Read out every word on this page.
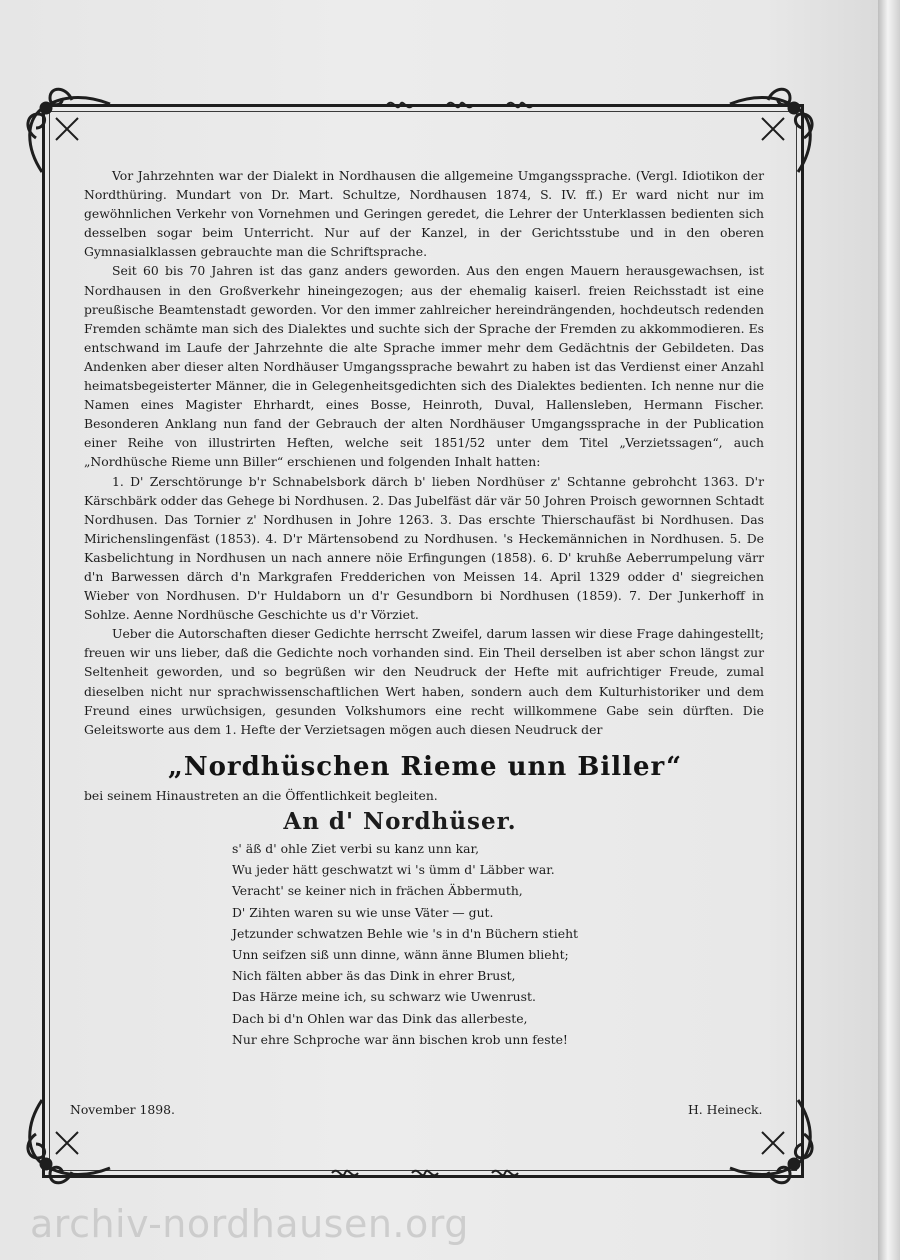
Vor Jahrzehnten war der Dialekt in Nordhausen die allgemeine Umgangssprache. (Vergl. Idiotikon der Nordthüring. Mundart von Dr. Mart. Schultze, Nordhausen 1874, S. IV. ff.) Er ward nicht nur im gewöhnlichen Verkehr von Vornehmen und Geringen geredet, die Lehrer der Unterklassen bedienten sich desselben sogar beim Unterricht. Nur auf der Kanzel, in der Gerichtsstube und in den oberen Gymnasialklassen gebrauchte man die Schriftsprache.

Seit 60 bis 70 Jahren ist das ganz anders geworden. Aus den engen Mauern herausgewachsen, ist Nordhausen in den Großverkehr hineingezogen; aus der ehemalig kaiserl. freien Reichsstadt ist eine preußische Beamtenstadt geworden. Vor den immer zahlreicher hereindrängenden, hochdeutsch redenden Fremden schämte man sich des Dialektes und suchte sich der Sprache der Fremden zu akkommodieren. Es entschwand im Laufe der Jahrzehnte die alte Sprache immer mehr dem Gedächtnis der Gebildeten. Das Andenken aber dieser alten Nordhäuser Umgangssprache bewahrt zu haben ist das Verdienst einer Anzahl heimatsbegeisterter Männer, die in Gelegenheitsgedichten sich des Dialektes bedienten. Ich nenne nur die Namen eines Magister Ehrhardt, eines Bosse, Heinroth, Duval, Hallensleben, Hermann Fischer. Besonderen Anklang nun fand der Gebrauch der alten Nordhäuser Umgangssprache in der Publication einer Reihe von illustrirten Heften, welche seit 1851/52 unter dem Titel „Verzietssagen“, auch „Nordhüsche Rieme unn Biller“ erschienen und folgenden Inhalt hatten:

1. D' Zerschtörunge b'r Schnabelsbork därch b' lieben Nordhüser z' Schtanne gebrohcht 1363. D'r Kärschbärk odder das Gehege bi Nordhusen. 2. Das Jubelfäst där vär 50 Johren Proisch gewornnen Schtadt Nordhusen. Das Tornier z' Nordhusen in Johre 1263. 3. Das erschte Thierschaufäst bi Nordhusen. Das Mirichenslingenfäst (1853). 4. D'r Märtensobend zu Nordhusen. 's Heckemännichen in Nordhusen. 5. De Kasbelichtung in Nordhusen un nach annere nöie Erfingungen (1858). 6. D' kruhße Aeberrumpelung värr d'n Barwessen därch d'n Markgrafen Fredderichen von Meissen 14. April 1329 odder d' siegreichen Wieber von Nordhusen. D'r Huldaborn un d'r Gesundborn bi Nordhusen (1859). 7. Der Junkerhoff in Sohlze. Aenne Nordhüsche Geschichte us d'r Vörziet.

Ueber die Autorschaften dieser Gedichte herrscht Zweifel, darum lassen wir diese Frage dahingestellt; freuen wir uns lieber, daß die Gedichte noch vorhanden sind. Ein Theil derselben ist aber schon längst zur Seltenheit geworden, und so begrüßen wir den Neudruck der Hefte mit aufrichtiger Freude, zumal dieselben nicht nur sprachwissenschaftlichen Wert haben, sondern auch dem Kulturhistoriker und dem Freund eines urwüchsigen, gesunden Volkshumors eine recht willkommene Gabe sein dürften. Die Geleitsworte aus dem 1. Hefte der Verzietsagen mögen auch diesen Neudruck der

„Nordhüschen Rieme unn Biller“
bei seinem Hinaustreten an die Öffentlichkeit begleiten.
An d' Nordhüser.
s' äß d' ohle Ziet verbi su kanz unn kar,
Wu jeder hätt geschwatzt wi 's ümm d' Läbber war.
Veracht' se keiner nich in frächen Äbbermuth,
D' Zihten waren su wie unse Väter — gut.
Jetzunder schwatzen Behle wie 's in d'n Büchern stieht
Unn seifzen siß unn dinne, wänn änne Blumen blieht;
Nich fälten abber äs das Dink in ehrer Brust,
Das Härze meine ich, su schwarz wie Uwenrust.
Dach bi d'n Ohlen war das Dink das allerbeste,
Nur ehre Schproche war änn bischen krob unn feste!
November 1898.	H. Heineck.
archiv-nordhausen.org
